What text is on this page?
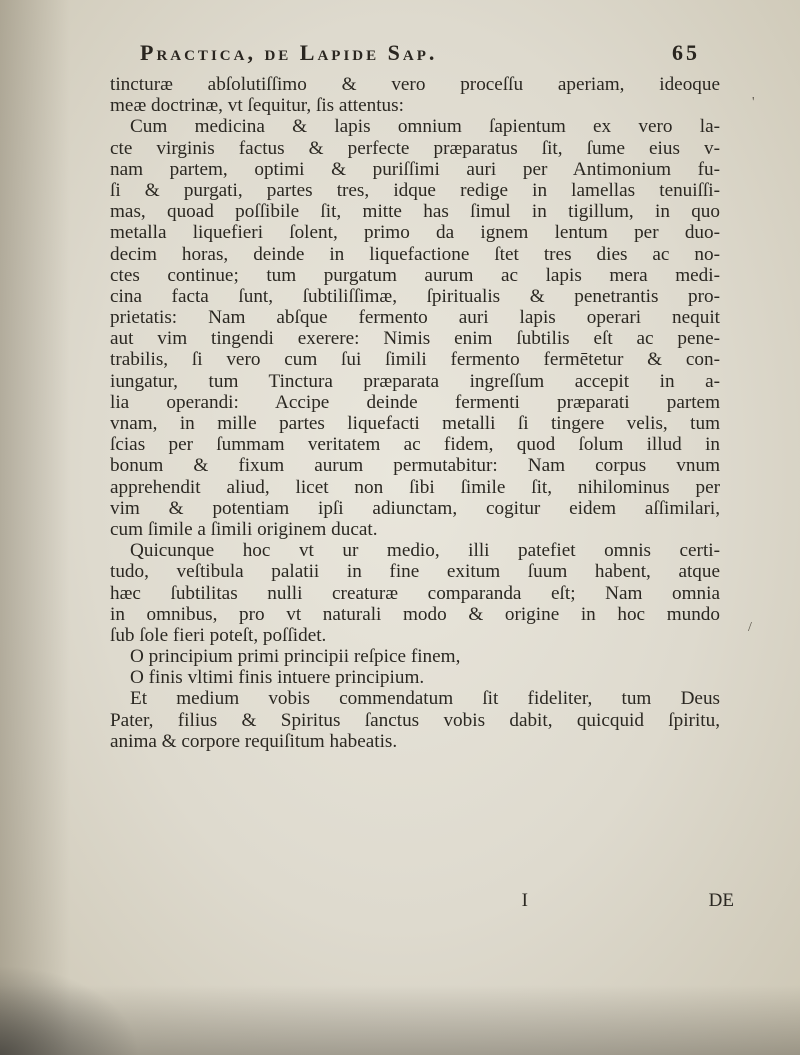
Practica, de Lapide Sap.	65
tincturæ abſolutiſſimo & vero proceſſu aperiam, ideoque
meæ doctrinæ, vt ſequitur, ſis attentus:
Cum medicina & lapis omnium ſapientum ex vero la-
cte virginis factus & perfecte præparatus ſit, ſume eius v-
nam partem, optimi & puriſſimi auri per Antimonium fu-
ſi & purgati, partes tres, idque redige in lamellas tenuiſſi-
mas, quoad poſſibile ſit, mitte has ſimul in tigillum, in quo
metalla liquefieri ſolent, primo da ignem lentum per duo-
decim horas, deinde in liquefactione ſtet tres dies ac no-
ctes continue; tum purgatum aurum ac lapis mera medi-
cina facta ſunt, ſubtiliſſimæ, ſpiritualis & penetrantis pro-
prietatis: Nam abſque fermento auri lapis operari nequit
aut vim tingendi exerere: Nimis enim ſubtilis eſt ac pene-
trabilis, ſi vero cum ſui ſimili fermento fermētetur & con-
iungatur, tum Tinctura præparata ingreſſum accepit in a-
lia operandi: Accipe deinde fermenti præparati partem
vnam, in mille partes liquefacti metalli ſi tingere velis, tum
ſcias per ſummam veritatem ac fidem, quod ſolum illud in
bonum & fixum aurum permutabitur: Nam corpus vnum
apprehendit aliud, licet non ſibi ſimile ſit, nihilominus per
vim & potentiam ipſi adiunctam, cogitur eidem aſſimilari,
cum ſimile a ſimili originem ducat.
Quicunque hoc vt ur medio, illi patefiet omnis certi-
tudo, veſtibula palatii in fine exitum ſuum habent, atque
hæc ſubtilitas nulli creaturæ comparanda eſt; Nam omnia
in omnibus, pro vt naturali modo & origine in hoc mundo
ſub ſole fieri poteſt, poſſidet.
O principium primi principii reſpice finem,
O finis vltimi finis intuere principium.
Et medium vobis commendatum ſit fideliter, tum Deus
Pater, filius & Spiritus ſanctus vobis dabit, quicquid ſpiritu,
anima & corpore requiſitum habeatis.
I	DE
'
/
